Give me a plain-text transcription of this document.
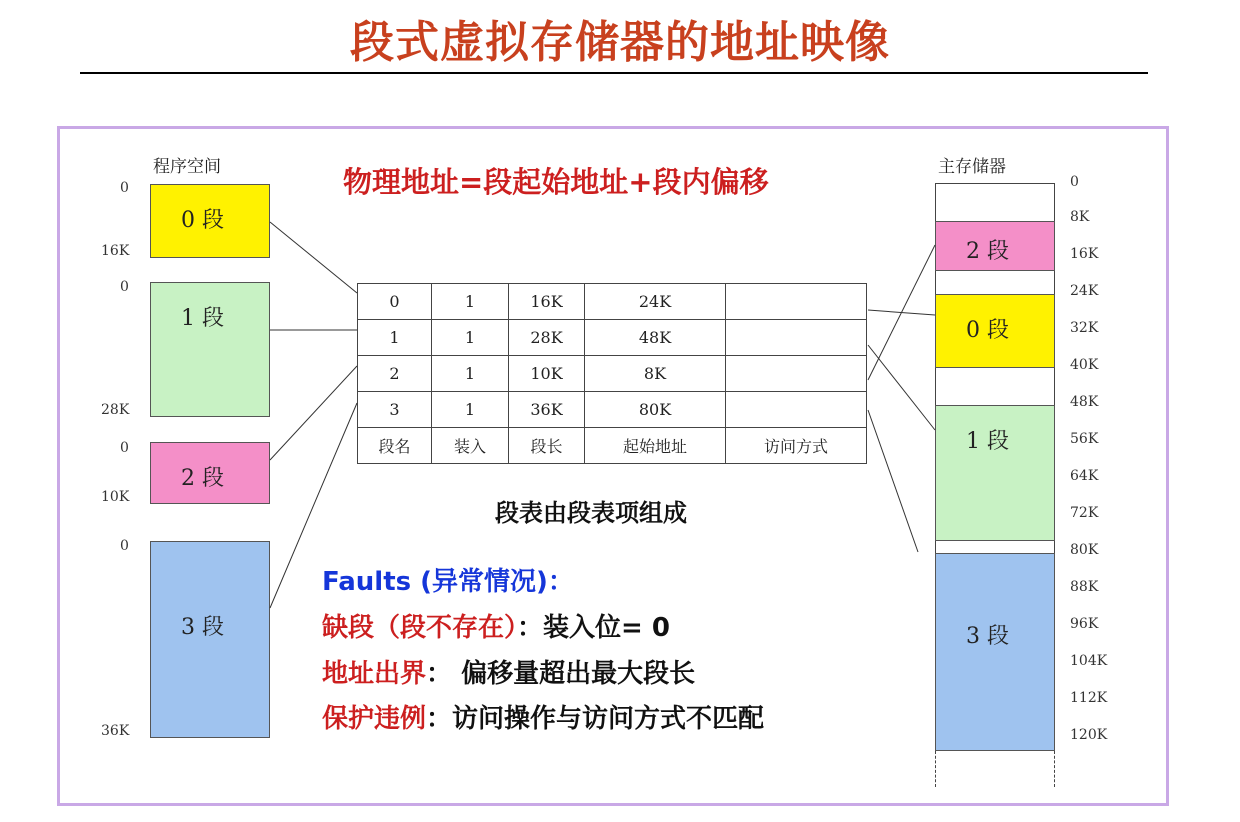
段式虚拟存储器的地址映像
程序空间
0 段
0
16K
1 段
0
28K
2 段
0
10K
3 段
0
36K
物理地址=段起始地址+段内偏移
0	1	16K	24K	
1	1	28K	48K	
2	1	10K	8K	
3	1	36K	80K	
段名	装入	段长	起始地址	访问方式
段表由段表项组成
Faults (异常情况)：
缺段（段不存在）：装入位= 0
地址出界： 偏移量超出最大段长
保护违例：访问操作与访问方式不匹配
主存储器
2 段
0 段
1 段
3 段
0
8K
16K
24K
32K
40K
48K
56K
64K
72K
80K
88K
96K
104K
112K
120K
